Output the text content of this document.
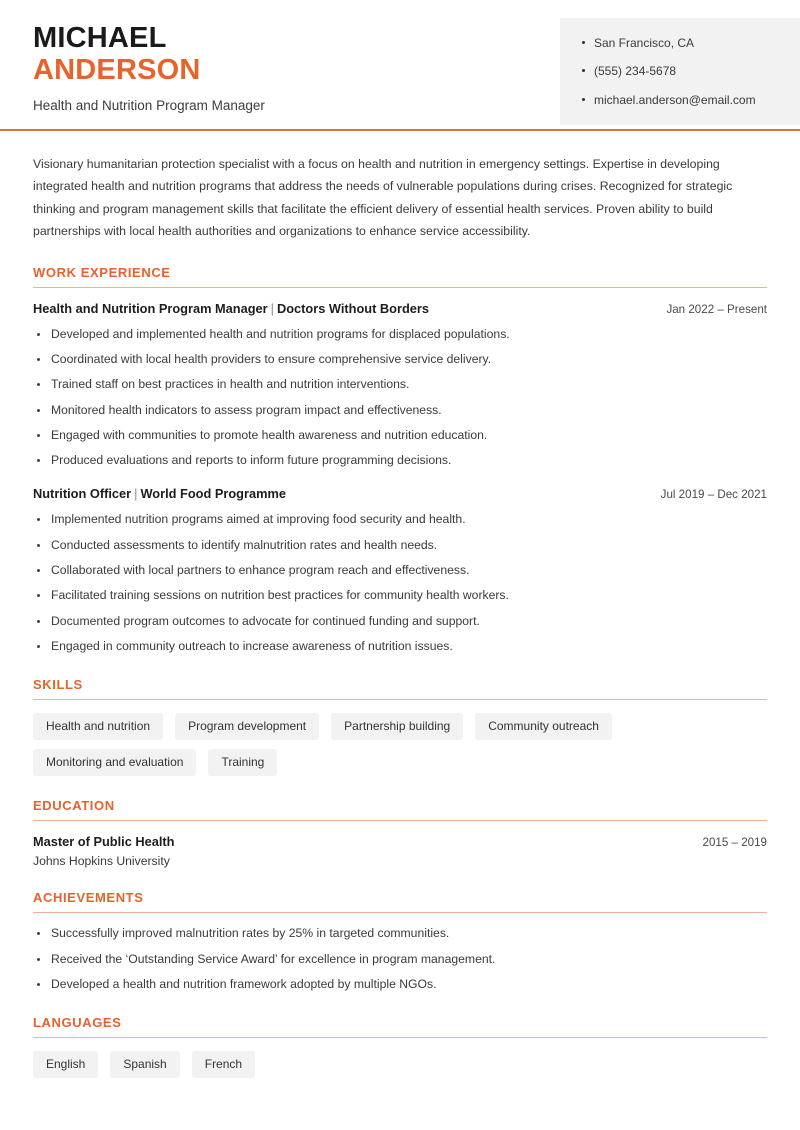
MICHAEL
ANDERSON
Health and Nutrition Program Manager
San Francisco, CA
(555) 234-5678
michael.anderson@email.com

Visionary humanitarian protection specialist with a focus on health and nutrition in emergency settings. Expertise in developing integrated health and nutrition programs that address the needs of vulnerable populations during crises. Recognized for strategic thinking and program management skills that facilitate the efficient delivery of essential health services. Proven ability to build partnerships with local health authorities and organizations to enhance service accessibility.

WORK EXPERIENCE
Health and Nutrition Program Manager | Doctors Without Borders	Jan 2022 – Present
Developed and implemented health and nutrition programs for displaced populations.
Coordinated with local health providers to ensure comprehensive service delivery.
Trained staff on best practices in health and nutrition interventions.
Monitored health indicators to assess program impact and effectiveness.
Engaged with communities to promote health awareness and nutrition education.
Produced evaluations and reports to inform future programming decisions.
Nutrition Officer | World Food Programme	Jul 2019 – Dec 2021
Implemented nutrition programs aimed at improving food security and health.
Conducted assessments to identify malnutrition rates and health needs.
Collaborated with local partners to enhance program reach and effectiveness.
Facilitated training sessions on nutrition best practices for community health workers.
Documented program outcomes to advocate for continued funding and support.
Engaged in community outreach to increase awareness of nutrition issues.
SKILLS
Health and nutrition	Program development	Partnership building	Community outreach
Monitoring and evaluation	Training
EDUCATION
Master of Public Health	2015 – 2019
Johns Hopkins University
ACHIEVEMENTS
Successfully improved malnutrition rates by 25% in targeted communities.
Received the ‘Outstanding Service Award’ for excellence in program management.
Developed a health and nutrition framework adopted by multiple NGOs.
LANGUAGES
English	Spanish	French
